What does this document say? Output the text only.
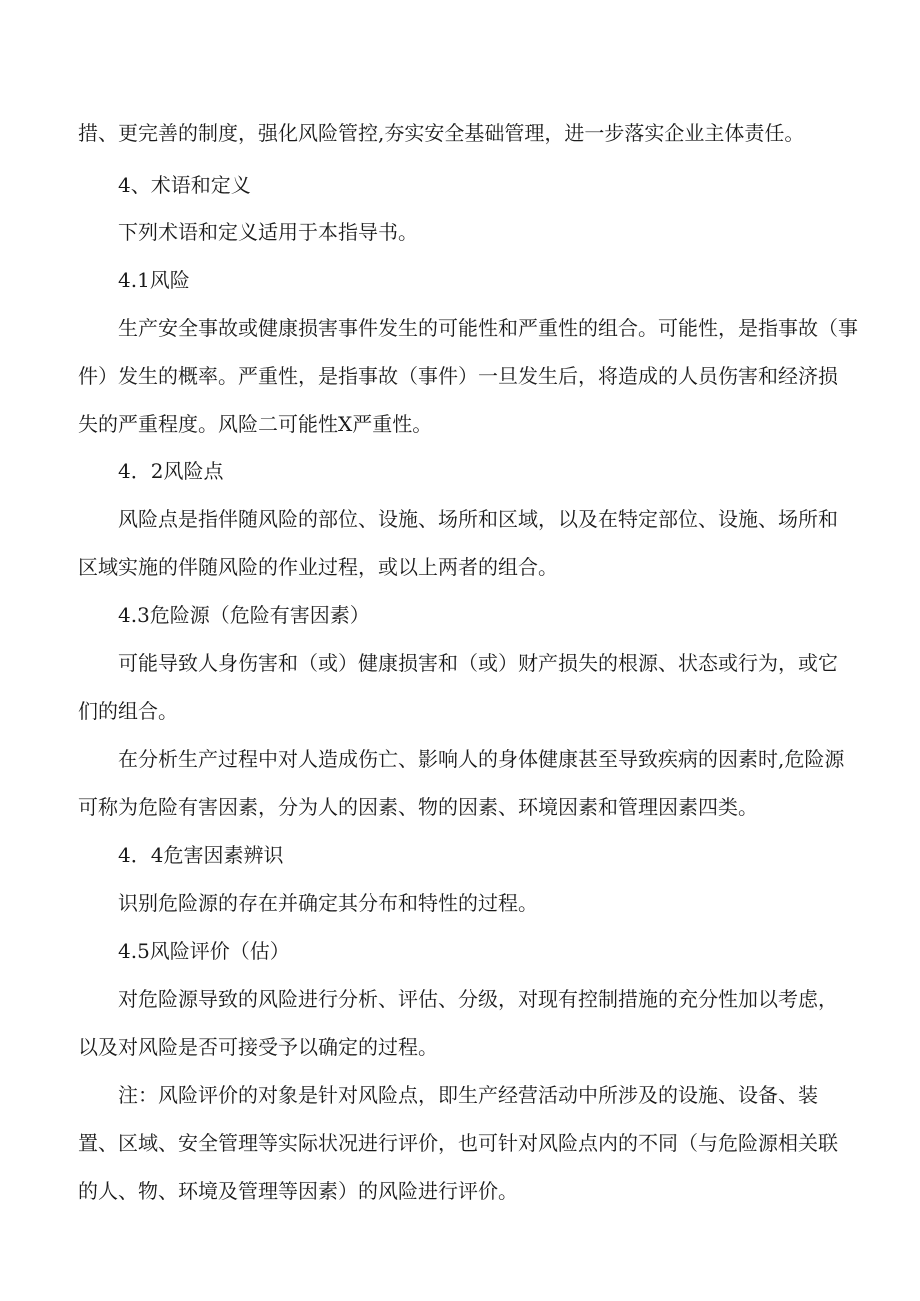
措、更完善的制度，强化风险管控,夯实安全基础管理，进一步落实企业主体责任。

4、术语和定义

下列术语和定义适用于本指导书。

4.1风险

生产安全事故或健康损害事件发生的可能性和严重性的组合。可能性，是指事故（事

件）发生的概率。严重性，是指事故（事件）一旦发生后，将造成的人员伤害和经济损

失的严重程度。风险二可能性X严重性。

4．2风险点

风险点是指伴随风险的部位、设施、场所和区域，以及在特定部位、设施、场所和

区域实施的伴随风险的作业过程，或以上两者的组合。

4.3危险源（危险有害因素）

可能导致人身伤害和（或）健康损害和（或）财产损失的根源、状态或行为，或它

们的组合。

在分析生产过程中对人造成伤亡、影响人的身体健康甚至导致疾病的因素时,危险源

可称为危险有害因素，分为人的因素、物的因素、环境因素和管理因素四类。

4．4危害因素辨识

识别危险源的存在并确定其分布和特性的过程。

4.5风险评价（估）

对危险源导致的风险进行分析、评估、分级，对现有控制措施的充分性加以考虑，

以及对风险是否可接受予以确定的过程。

注：风险评价的对象是针对风险点，即生产经营活动中所涉及的设施、设备、装

置、区域、安全管理等实际状况进行评价，也可针对风险点内的不同（与危险源相关联

的人、物、环境及管理等因素）的风险进行评价。
